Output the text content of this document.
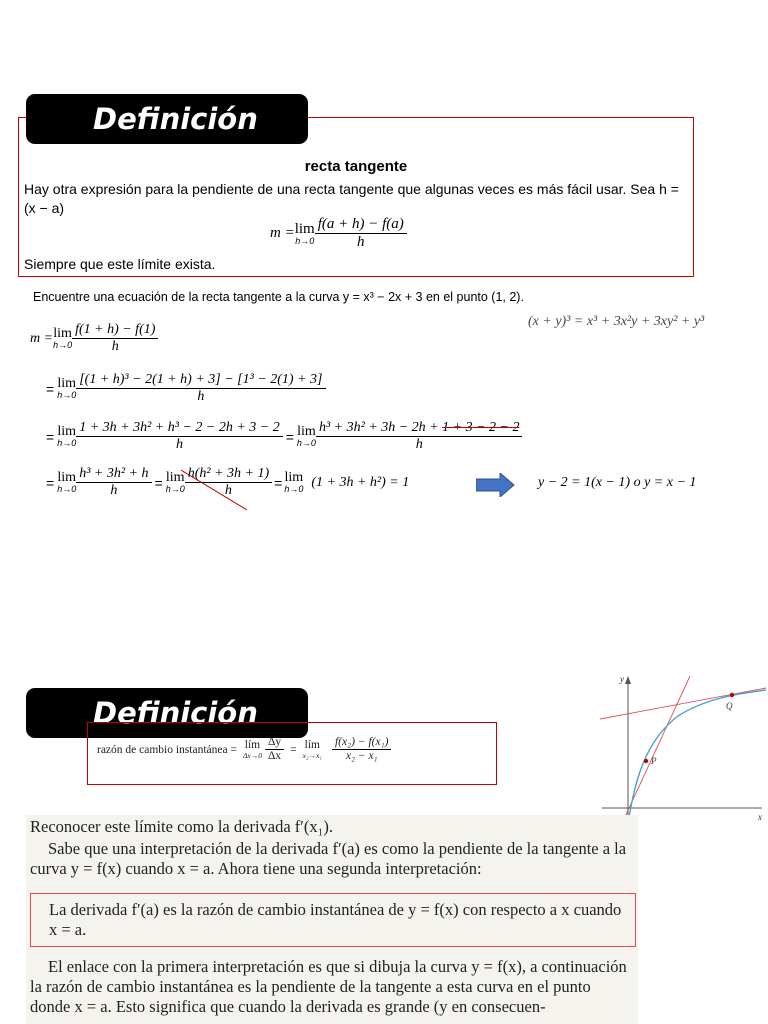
Definición
recta tangente
Hay otra expresión para la pendiente de una recta tangente que algunas veces es más fácil usar. Sea h = (x − a)
m = lim
$h\to 0 \frac{f(a + h) - f(a)}{h}$
Siempre que este límite exista.
Encuentre una ecuación de la recta tangente a la curva y = x³ − 2x + 3 en el punto (1, 2).
(x + y)³ = x³ + 3x²y + 3xy² + y³
m = lim
$h\to 0 \frac{f(1 + h) - f(1)}{h}$
= lim
$h\to 0 \frac{\text{[(1 + h)³ − 2(1 + h) + 3] − [1³ − 2(1) + 3]}}{h}$
= lim
$h\to 0 \frac{\text{1 + 3h + 3h² + h³ − 2 − 2h + 3 − 2}}{h} = \lim$
$h\to 0 \frac{\text{h³ + 3h² + 3h − 2h + 1 + 3 − 2 − 2}}{h}$
= lim
$h\to 0 \frac{\text{h³ + 3h² + h}}{h} = \lim$
$h\to 0 \frac{\text{h(h² + 3h + 1)}}{h} = \lim$
h→0 (1 + 3h + h²) = 1	y − 2 = 1(x − 1) o y = x − 1
Definición
razón de cambio instantánea = lím
$\Delta x\to 0 \frac{\Delta y}{\Delta x}$ = lím
$x_2\to x_1 \frac{\text{f(x₂) − f(x₁)}}{\text{x₂ − x₁}}$
y
x
P
Q
Reconocer este límite como la derivada f′(x₁).
Sabe que una interpretación de la derivada f′(a) es como la pendiente de la tangente a la curva y = f(x) cuando x = a. Ahora tiene una segunda interpretación:
La derivada f′(a) es la razón de cambio instantánea de y = f(x) con respecto a x cuando x = a.
El enlace con la primera interpretación es que si dibuja la curva y = f(x), a continuación la razón de cambio instantánea es la pendiente de la tangente a esta curva en el punto donde x = a. Esto significa que cuando la derivada es grande (y en consecuen-
